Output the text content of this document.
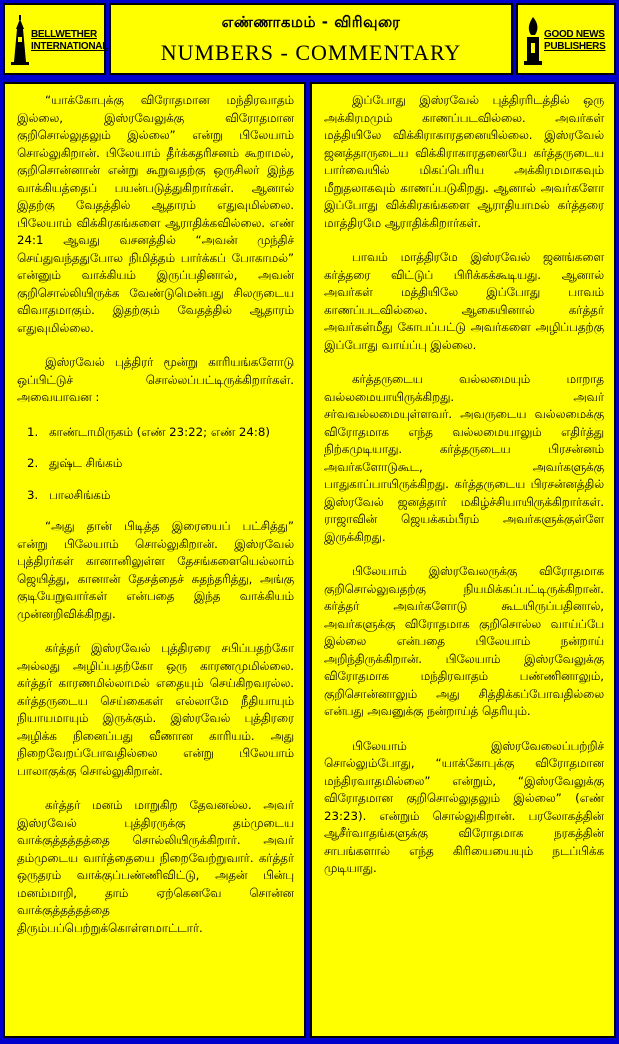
BELLWETHER
INTERNATIONAL
எண்ணாகமம் - விரிவுரை
NUMBERS - COMMENTARY
GOOD NEWS
PUBLISHERS

“யாக்கோபுக்கு விரோதமான மந்திரவாதம் இல்லை, இஸ்ரவேலுக்கு விரோதமான குறிசொல்லுதலும் இல்லை” என்று பிலேயாம் சொல்லுகிறான். பிலேயாம் தீர்க்கதரிசனம் கூறாமல், குறிசொன்னான் என்று கூறுவதற்கு ஒருசிலர் இந்த வாக்கியத்தைப் பயன்படுத்துகிறார்கள். ஆனால் இதற்கு வேதத்தில் ஆதாரம் எதுவுமில்லை. பிலேயாம் விக்கிரகங்களை ஆராதிக்கவில்லை. எண் 24:1 ஆவது வசனத்தில் “அவன் முந்திச் செய்துவந்ததுபோல நிமித்தம் பார்க்கப் போகாமல்” என்னும் வாக்கியம் இருப்பதினால், அவன் குறிசொல்லியிருக்க வேண்டுமென்பது சிலருடைய விவாதமாகும். இதற்கும் வேதத்தில் ஆதாரம் எதுவுமில்லை.

இஸ்ரவேல் புத்திரர் மூன்று காரியங்களோடு ஒப்பிட்டுச் சொல்லப்பட்டிருக்கிறார்கள். அவையாவன :

1. காண்டாமிருகம் (எண் 23:22; எண் 24:8)
2. துஷ்ட சிங்கம்
3. பாலசிங்கம்

“அது தான் பிடித்த இரையைப் பட்சித்து” என்று பிலேயாம் சொல்லுகிறான். இஸ்ரவேல் புத்திரர்கள் கானானிலுள்ள தேசங்களையெல்லாம் ஜெயித்து, கானான் தேசத்தைச் சுதந்தரித்து, அங்கு குடியேறுவார்கள் என்பதை இந்த வாக்கியம் முன்னறிவிக்கிறது.

கர்த்தர் இஸ்ரவேல் புத்திரரை சபிப்பதற்கோ அல்லது அழிப்பதற்கோ ஒரு காரணமுமில்லை. கர்த்தர் காரணமில்லாமல் எதையும் செய்கிறவரல்ல. கர்த்தருடைய செய்கைகள் எல்லாமே நீதியாயும் நியாயமாயும் இருக்கும். இஸ்ரவேல் புத்திரரை அழிக்க நினைப்பது வீணான காரியம். அது நிறைவேறப்போவதில்லை என்று பிலேயாம் பாலாகுக்கு சொல்லுகிறான்.

கர்த்தர் மனம் மாறுகிற தேவனல்ல. அவர் இஸ்ரவேல் புத்திரருக்கு தம்முடைய வாக்குத்தத்தத்தை சொல்லியிருக்கிறார். அவர் தம்முடைய வார்த்தையை நிறைவேற்றுவார். கர்த்தர் ஒருதரம் வாக்குப்பண்ணிவிட்டு, அதன் பின்பு மனம்மாறி, தாம் ஏற்கெனவே சொன்ன வாக்குத்தத்தத்தை திரும்பப்பெற்றுக்கொள்ளமாட்டார்.

இப்போது இஸ்ரவேல் புத்திரரிடத்தில் ஒரு அக்கிரமமும் காணப்படவில்லை. அவர்கள் மத்தியிலே விக்கிராகாரதனையில்லை. இஸ்ரவேல் ஜனத்தாருடைய விக்கிராகாரதனையே கர்த்தருடைய பார்வையில் மிகப்பெரிய அக்கிரமமாகவும் மீறுதலாகவும் காணப்படுகிறது. ஆனால் அவர்களோ இப்போது விக்கிரகங்களை ஆராதியாமல் கர்த்தரை மாத்திரமே ஆராதிக்கிறார்கள்.

பாவம் மாத்திரமே இஸ்ரவேல் ஜனங்களை கர்த்தரை விட்டுப் பிரிக்கக்கூடியது. ஆனால் அவர்கள் மத்தியிலே இப்போது பாவம் காணப்படவில்லை. ஆகையினால் கர்த்தர் அவர்கள்மீது கோபப்பட்டு அவர்களை அழிப்பதற்கு இப்போது வாய்ப்பு இல்லை.

கர்த்தருடைய வல்லமையும் மாறாத வல்லமையாயிருக்கிறது. அவர் சர்வவல்லமையுள்ளவர். அவருடைய வல்லமைக்கு விரோதமாக எந்த வல்லமையாலும் எதிர்த்து நிற்கமுடியாது. கர்த்தருடைய பிரசன்னம் அவர்களோடுகூட, அவர்களுக்கு பாதுகாப்பாயிருக்கிறது. கர்த்தருடைய பிரசன்னத்தில் இஸ்ரவேல் ஜனத்தார் மகிழ்ச்சியாயிருக்கிறார்கள். ராஜாவின் ஜெயக்கம்பீரம் அவர்களுக்குள்ளே இருக்கிறது.

பிலேயாம் இஸ்ரவேலருக்கு விரோதமாக குறிசொல்லுவதற்கு நியமிக்கப்பட்டிருக்கிறான். கர்த்தர் அவர்களோடு கூடயிருப்பதினால், அவர்களுக்கு விரோதமாக குறிசொல்ல வாய்ப்பே இல்லை என்பதை பிலேயாம் நன்றாய் அறிந்திருக்கிறான். பிலேயாம் இஸ்ரவேலுக்கு விரோதமாக மந்திரவாதம் பண்ணினாலும், குறிசொன்னாலும் அது சித்திக்கப்போவதில்லை என்பது அவனுக்கு நன்றாய்த் தெரியும்.

பிலேயாம் இஸ்ரவேலைப்பற்றிச் சொல்லும்போது, “யாக்கோபுக்கு விரோதமான மந்திரவாதமில்லை” என்றும், “இஸ்ரவேலுக்கு விரோதமான குறிசொல்லுதலும் இல்லை” (எண் 23:23). என்றும் சொல்லுகிறான். பரலோகத்தின் ஆசீர்வாதங்களுக்கு விரோதமாக நரகத்தின் சாபங்களால் எந்த கிரியையையும் நடப்பிக்க முடியாது.
